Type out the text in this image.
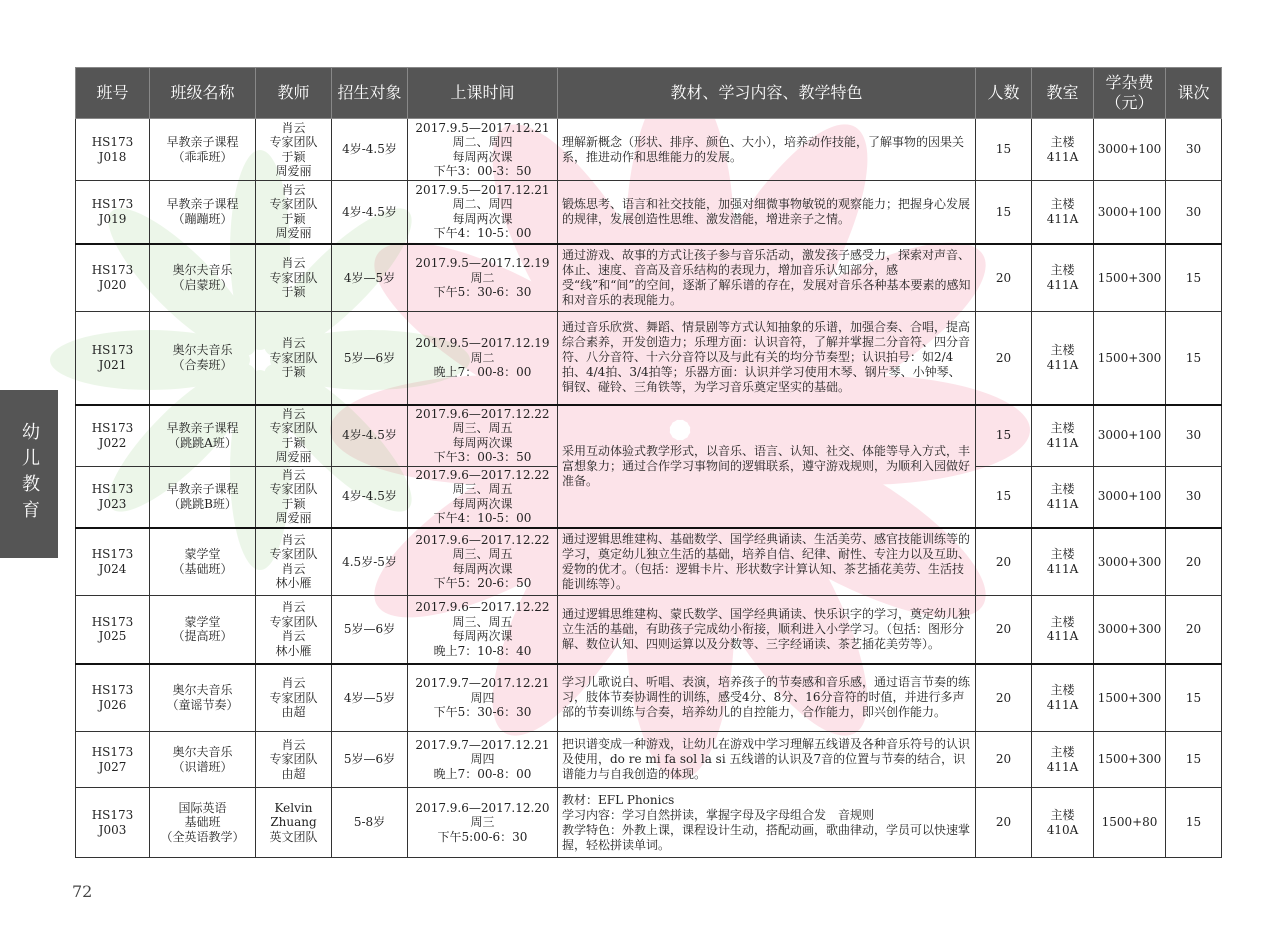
幼儿教育
班号	班级名称	教师	招生对象	上课时间	教材、学习内容、教学特色	人数	教室	学杂费
（元）	课次
HS173
J018	早教亲子课程
（乖乖班）	肖云
专家团队
于颖
周爱丽	4岁-4.5岁	2017.9.5—2017.12.21
周二、周四
每周两次课
下午3：00-3：50	理解新概念（形状、排序、颜色、大小），培养动作技能，了解事物的因果关系，推进动作和思维能力的发展。	15	主楼
411A	3000+100	30
HS173
J019	早教亲子课程
（蹦蹦班）	肖云
专家团队
于颖
周爱丽	4岁-4.5岁	2017.9.5—2017.12.21
周二、周四
每周两次课
下午4：10-5：00	锻炼思考、语言和社交技能，加强对细微事物敏锐的观察能力；把握身心发展的规律，发展创造性思维、激发潜能，增进亲子之情。	15	主楼
411A	3000+100	30
HS173
J020	奥尔夫音乐
（启蒙班）	肖云
专家团队
于颖	4岁—5岁	2017.9.5—2017.12.19
周二
下午5：30-6：30	通过游戏、故事的方式让孩子参与音乐活动，激发孩子感受力，探索对声音、体止、速度、音高及音乐结构的表现力，增加音乐认知部分，感受“线”和“间”的空间，逐渐了解乐谱的存在，发展对音乐各种基本要素的感知和对音乐的表现能力。	20	主楼
411A	1500+300	15
HS173
J021	奥尔夫音乐
（合奏班）	肖云
专家团队
于颖	5岁—6岁	2017.9.5—2017.12.19
周二
晚上7：00-8：00	通过音乐欣赏、舞蹈、情景剧等方式认知抽象的乐谱，加强合奏、合唱，提高综合素养，开发创造力；乐理方面：认识音符，了解并掌握二分音符、四分音符、八分音符、十六分音符以及与此有关的均分节奏型；认识拍号：如2/4拍、4/4拍、3/4拍等；乐器方面：认识并学习使用木琴、钢片琴、小钟琴、铜钗、碰铃、三角铁等，为学习音乐奠定坚实的基础。	20	主楼
411A	1500+300	15
HS173
J022	早教亲子课程
（跳跳A班）	肖云
专家团队
于颖
周爱丽	4岁-4.5岁	2017.9.6—2017.12.22
周三、周五
每周两次课
下午3：00-3：50	采用互动体验式教学形式，以音乐、语言、认知、社交、体能等导入方式，丰富想象力；通过合作学习事物间的逻辑联系，遵守游戏规则，为顺利入园做好准备。	15	主楼
411A	3000+100	30
HS173
J023	早教亲子课程
（跳跳B班）	肖云
专家团队
于颖
周爱丽	4岁-4.5岁	2017.9.6—2017.12.22
周三、周五
每周两次课
下午4：10-5：00		15	主楼
411A	3000+100	30
HS173
J024	蒙学堂
（基础班）	肖云
专家团队
肖云
林小雁	4.5岁-5岁	2017.9.6—2017.12.22
周三、周五
每周两次课
下午5：20-6：50	通过逻辑思维建构、基础数学、国学经典诵读、生活美劳、感官技能训练等的学习，奠定幼儿独立生活的基础，培养自信、纪律、耐性、专注力以及互助、爱物的优才。（包括：逻辑卡片、形状数字计算认知、茶艺插花美劳、生活技能训练等）。	20	主楼
411A	3000+300	20
HS173
J025	蒙学堂
（提高班）	肖云
专家团队
肖云
林小雁	5岁—6岁	2017.9.6—2017.12.22
周三、周五
每周两次课
晚上7：10-8：40	通过逻辑思维建构、蒙氏数学、国学经典诵读、快乐识字的学习，奠定幼儿独立生活的基础，有助孩子完成幼小衔接，顺利进入小学学习。（包括：图形分解、数位认知、四则运算以及分数等、三字经诵读、茶艺插花美劳等）。	20	主楼
411A	3000+300	20
HS173
J026	奥尔夫音乐
（童谣节奏）	肖云
专家团队
由超	4岁—5岁	2017.9.7—2017.12.21
周四
下午5：30-6：30	学习儿歌说白、听唱、表演，培养孩子的节奏感和音乐感，通过语言节奏的练习，肢体节奏协调性的训练，感受4分、8分、16分音符的时值，并进行多声部的节奏训练与合奏，培养幼儿的自控能力，合作能力，即兴创作能力。	20	主楼
411A	1500+300	15
HS173
J027	奥尔夫音乐
（识谱班）	肖云
专家团队
由超	5岁—6岁	2017.9.7—2017.12.21
周四
晚上7：00-8：00	把识谱变成一种游戏，让幼儿在游戏中学习理解五线谱及各种音乐符号的认识及使用，do re mi fa sol la si 五线谱的认识及7音的位置与节奏的结合，识谱能力与自我创造的体现。	20	主楼
411A	1500+300	15
HS173
J003	国际英语
基础班
（全英语教学）	Kelvin
Zhuang
英文团队	5-8岁	2017.9.6—2017.12.20
周三
下午5:00-6：30	教材：EFL Phonics
学习内容：学习自然拼读，掌握字母及字母组合发　音规则
教学特色：外教上课，课程设计生动，搭配动画，歌曲律动，学员可以快速掌握，轻松拼读单词。	20	主楼
410A	1500+80	15
72
